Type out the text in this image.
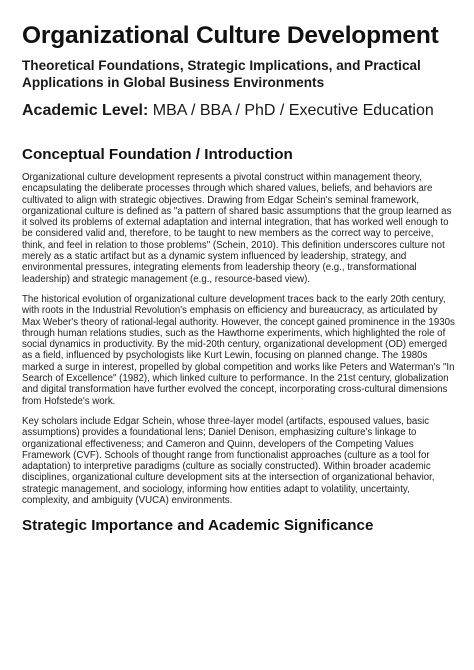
Organizational Culture Development
Theoretical Foundations, Strategic Implications, and Practical Applications in Global Business Environments
Academic Level: MBA / BBA / PhD / Executive Education
Conceptual Foundation / Introduction

Organizational culture development represents a pivotal construct within management theory, encapsulating the deliberate processes through which shared values, beliefs, and behaviors are cultivated to align with strategic objectives. Drawing from Edgar Schein's seminal framework, organizational culture is defined as "a pattern of shared basic assumptions that the group learned as it solved its problems of external adaptation and internal integration, that has worked well enough to be considered valid and, therefore, to be taught to new members as the correct way to perceive, think, and feel in relation to those problems" (Schein, 2010). This definition underscores culture not merely as a static artifact but as a dynamic system influenced by leadership, strategy, and environmental pressures, integrating elements from leadership theory (e.g., transformational leadership) and strategic management (e.g., resource-based view).

The historical evolution of organizational culture development traces back to the early 20th century, with roots in the Industrial Revolution's emphasis on efficiency and bureaucracy, as articulated by Max Weber's theory of rational-legal authority. However, the concept gained prominence in the 1930s through human relations studies, such as the Hawthorne experiments, which highlighted the role of social dynamics in productivity. By the mid-20th century, organizational development (OD) emerged as a field, influenced by psychologists like Kurt Lewin, focusing on planned change. The 1980s marked a surge in interest, propelled by global competition and works like Peters and Waterman's "In Search of Excellence" (1982), which linked culture to performance. In the 21st century, globalization and digital transformation have further evolved the concept, incorporating cross-cultural dimensions from Hofstede's work.

Key scholars include Edgar Schein, whose three-layer model (artifacts, espoused values, basic assumptions) provides a foundational lens; Daniel Denison, emphasizing culture's linkage to organizational effectiveness; and Cameron and Quinn, developers of the Competing Values Framework (CVF). Schools of thought range from functionalist approaches (culture as a tool for adaptation) to interpretive paradigms (culture as socially constructed). Within broader academic disciplines, organizational culture development sits at the intersection of organizational behavior, strategic management, and sociology, informing how entities adapt to volatility, uncertainty, complexity, and ambiguity (VUCA) environments.

Strategic Importance and Academic Significance
